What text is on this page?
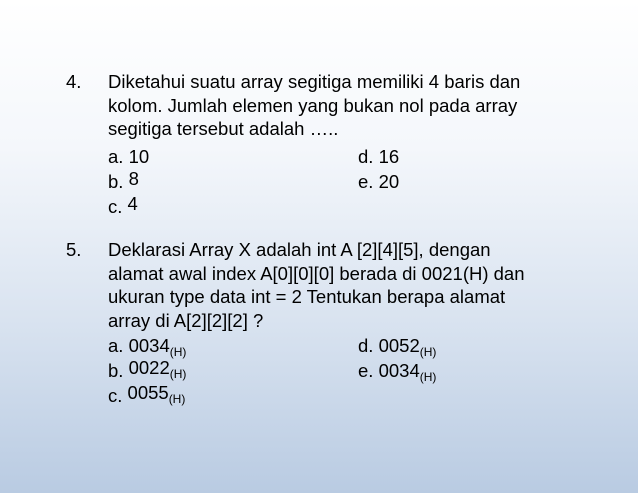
4.	Diketahui suatu array segitiga memiliki 4 baris dan
kolom. Jumlah elemen yang bukan nol pada array
segitiga tersebut adalah …..
a. 10	d. 16
b. 8	e. 20
c. 4
5.	Deklarasi Array X adalah int A [2][4][5], dengan
alamat awal index A[0][0][0] berada di 0021(H) dan
ukuran type data int = 2 Tentukan berapa alamat
array di A[2][2][2] ?
a. $0034_{(H)}$	d. $0052_{(H)}$
b. $0022_{(H)}$	e. $0034_{(H)}$
c. $0055_{(H)}$
